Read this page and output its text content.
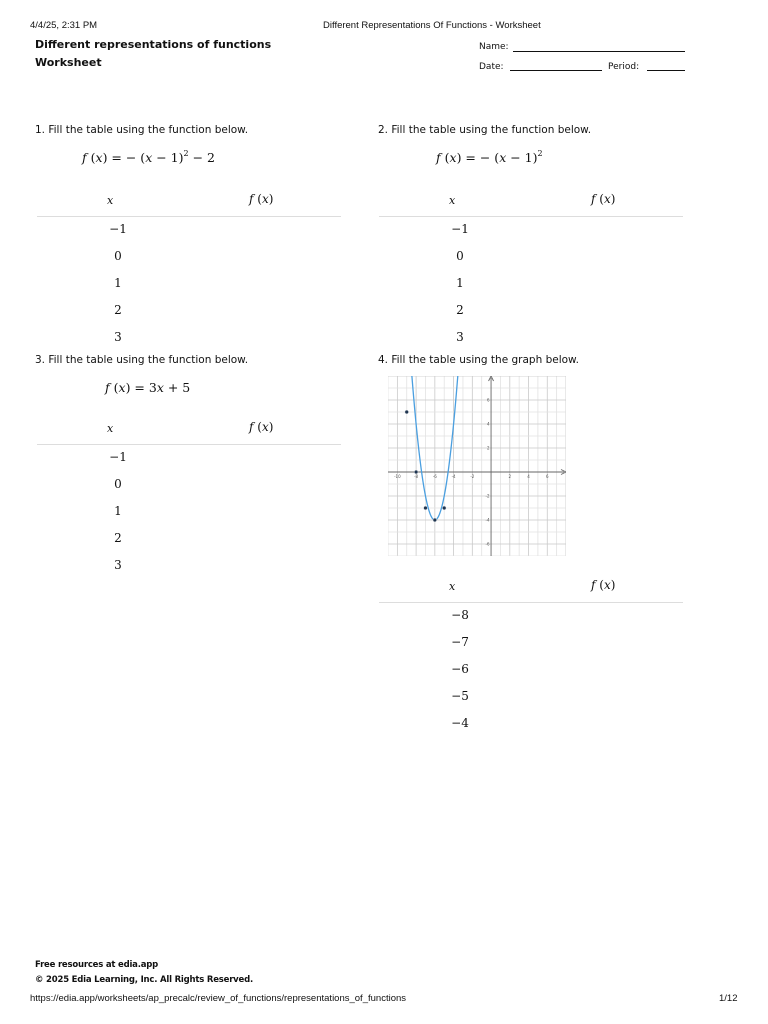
4/4/25, 2:31 PM	Different Representations Of Functions - Worksheet
Different representations of functions
Worksheet
Name:
Date:	Period:
1. Fill the table using the function below.
f (x) = − $(x - 1)^2 - 2$
x	f (x)
−1
0
1
2
3
2. Fill the table using the function below.
f (x) = − $(x - 1)^2$
x	f (x)
−1
0
1
2
3
3. Fill the table using the function below.
f (x) = 3x + 5
x	f (x)
−1
0
1
2
3
4. Fill the table using the graph below.
-10	-8	-6	-4	-2	2	4	6
6
4
2
-2
-4
-6
x	f (x)
−8
−7
−6
−5
−4
Free resources at edia.app
© 2025 Edia Learning, Inc. All Rights Reserved.
https://edia.app/worksheets/ap_precalc/review_of_functions/representations_of_functions	1/12
